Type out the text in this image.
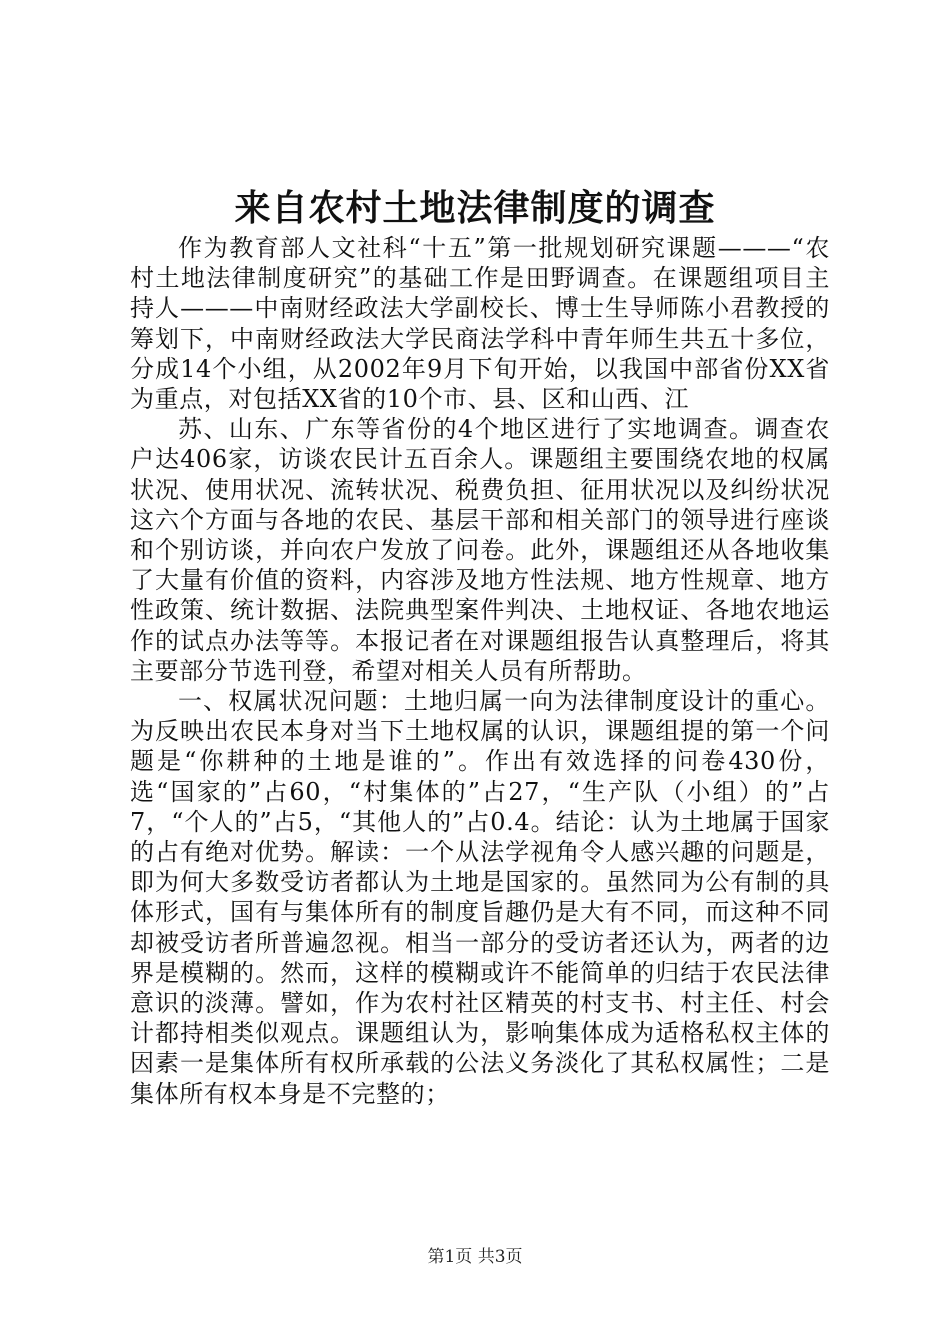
来自农村土地法律制度的调查

作为教育部人文社科“十五”第一批规划研究课题———“农村土地法律制度研究”的基础工作是田野调查。在课题组项目主持人———中南财经政法大学副校长、博士生导师陈小君教授的筹划下，中南财经政法大学民商法学科中青年师生共五十多位，分成14个小组，从2002年9月下旬开始，以我国中部省份XX省为重点，对包括XX省的10个市、县、区和山西、江

苏、山东、广东等省份的4个地区进行了实地调查。调查农户达406家，访谈农民计五百余人。课题组主要围绕农地的权属状况、使用状况、流转状况、税费负担、征用状况以及纠纷状况这六个方面与各地的农民、基层干部和相关部门的领导进行座谈和个别访谈，并向农户发放了问卷。此外，课题组还从各地收集了大量有价值的资料，内容涉及地方性法规、地方性规章、地方性政策、统计数据、法院典型案件判决、土地权证、各地农地运作的试点办法等等。本报记者在对课题组报告认真整理后，将其主要部分节选刊登，希望对相关人员有所帮助。

一、权属状况问题：土地归属一向为法律制度设计的重心。为反映出农民本身对当下土地权属的认识，课题组提的第一个问题是“你耕种的土地是谁的”。作出有效选择的问卷430份，选“国家的”占60，“村集体的”占27，“生产队（小组）的”占7，“个人的”占5，“其他人的”占0.4。结论：认为土地属于国家的占有绝对优势。解读：一个从法学视角令人感兴趣的问题是，即为何大多数受访者都认为土地是国家的。虽然同为公有制的具体形式，国有与集体所有的制度旨趣仍是大有不同，而这种不同却被受访者所普遍忽视。相当一部分的受访者还认为，两者的边界是模糊的。然而，这样的模糊或许不能简单的归结于农民法律意识的淡薄。譬如，作为农村社区精英的村支书、村主任、村会计都持相类似观点。课题组认为，影响集体成为适格私权主体的因素一是集体所有权所承载的公法义务淡化了其私权属性；二是集体所有权本身是不完整的；

第1页 共3页
